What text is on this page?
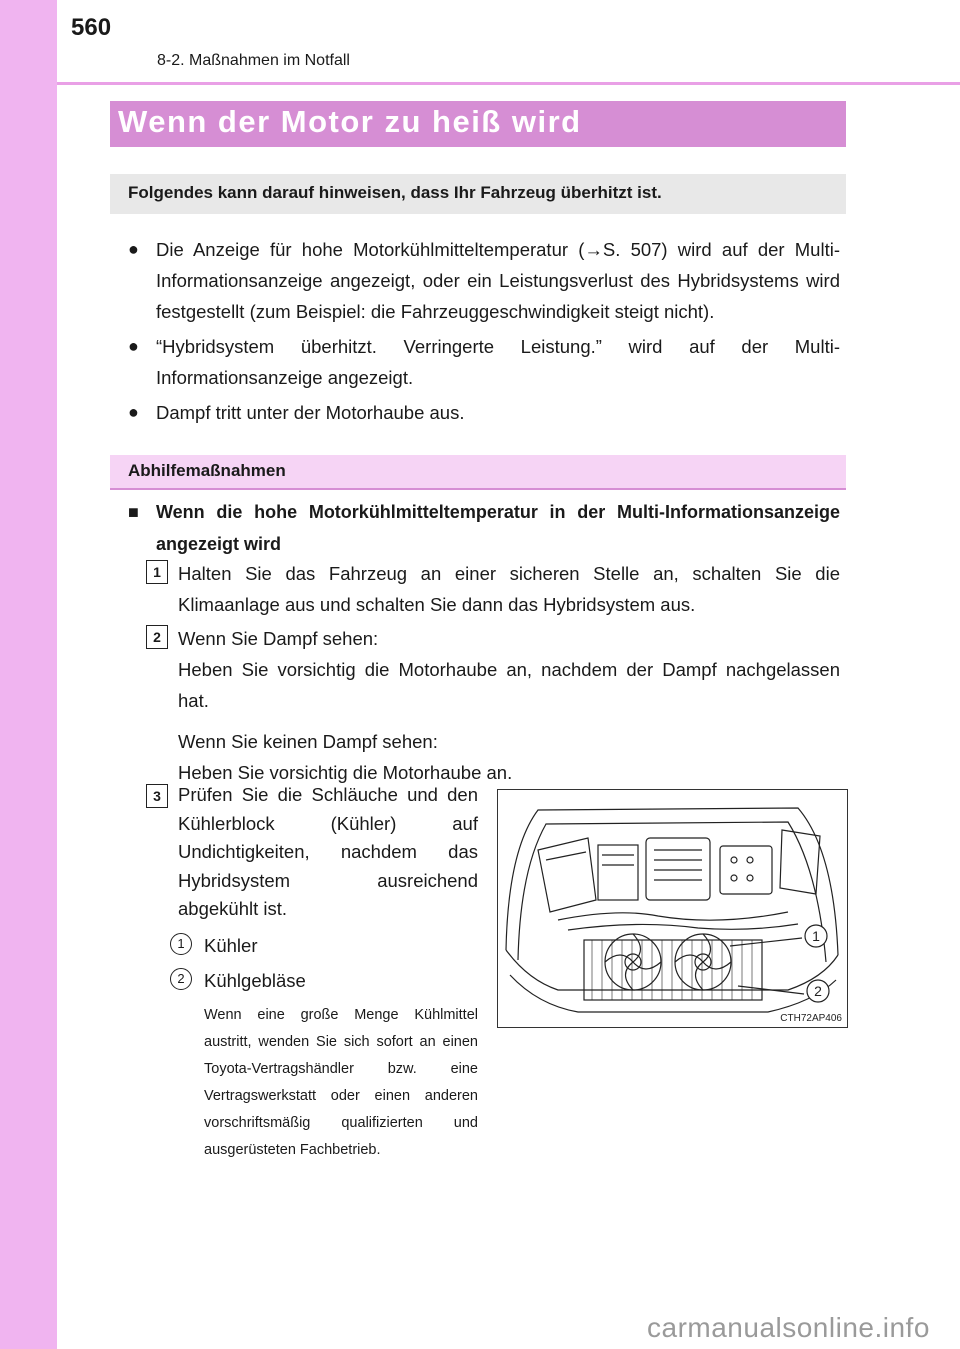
560
8-2. Maßnahmen im Notfall
Wenn der Motor zu heiß wird
Folgendes kann darauf hinweisen, dass Ihr Fahrzeug überhitzt ist.
● Die Anzeige für hohe Motorkühlmitteltemperatur (→S. 507) wird auf der Multi-Informationsanzeige angezeigt, oder ein Leistungsverlust des Hybridsystems wird festgestellt (zum Beispiel: die Fahrzeuggeschwindigkeit steigt nicht).
● “Hybridsystem überhitzt. Verringerte Leistung.” wird auf der Multi-Informationsanzeige angezeigt.
● Dampf tritt unter der Motorhaube aus.
Abhilfemaßnahmen
■ Wenn die hohe Motorkühlmitteltemperatur in der Multi-Informationsanzeige angezeigt wird
1 Halten Sie das Fahrzeug an einer sicheren Stelle an, schalten Sie die Klimaanlage aus und schalten Sie dann das Hybridsystem aus.
2 Wenn Sie Dampf sehen:
Heben Sie vorsichtig die Motorhaube an, nachdem der Dampf nachgelassen hat.
Wenn Sie keinen Dampf sehen:
Heben Sie vorsichtig die Motorhaube an.
3 Prüfen Sie die Schläuche und den Kühlerblock (Kühler) auf Undichtigkeiten, nachdem das Hybridsystem ausreichend abgekühlt ist.
1	Kühler
2	Kühlgebläse
Wenn eine große Menge Kühlmittel austritt, wenden Sie sich sofort an einen Toyota-Vertragshändler bzw. eine Vertragswerkstatt oder einen anderen vorschriftsmäßig qualifizierten und ausgerüsteten Fachbetrieb.
1
2
CTH72AP406
carmanualsonline.info
